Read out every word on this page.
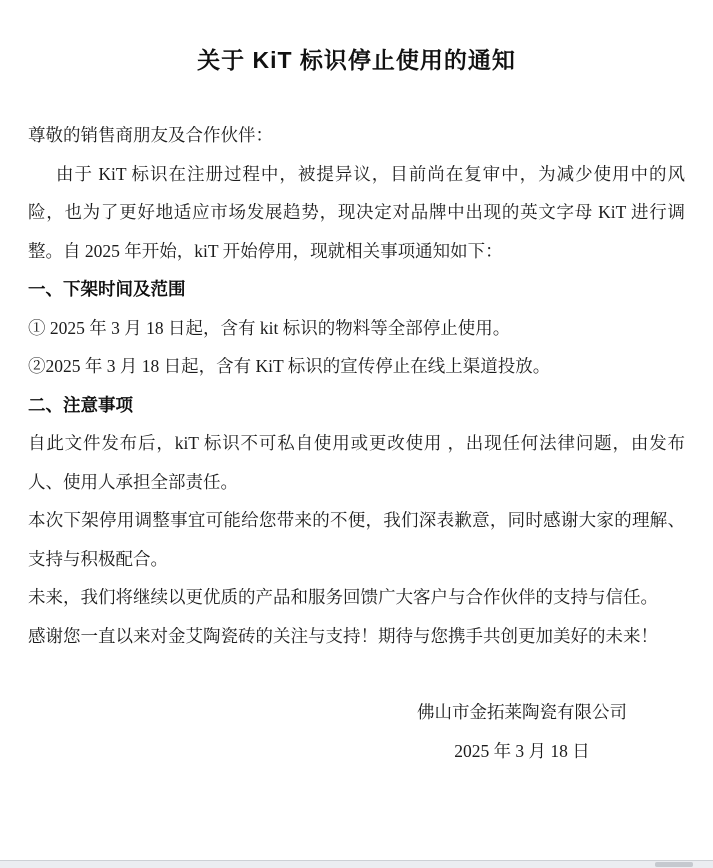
关于 KiT 标识停止使用的通知

尊敬的销售商朋友及合作伙伴：

由于 KiT 标识在注册过程中，被提异议，目前尚在复审中，为减少使用中的风险，也为了更好地适应市场发展趋势，现决定对品牌中出现的英文字母 KiT 进行调整。自 2025 年开始，kiT 开始停用，现就相关事项通知如下：

一、下架时间及范围

① 2025 年 3 月 18 日起，含有 kit 标识的物料等全部停止使用。

②2025 年 3 月 18 日起，含有 KiT 标识的宣传停止在线上渠道投放。

二、注意事项

自此文件发布后，kiT 标识不可私自使用或更改使用 ，出现任何法律问题，由发布人、使用人承担全部责任。

本次下架停用调整事宜可能给您带来的不便，我们深表歉意，同时感谢大家的理解、支持与积极配合。

未来，我们将继续以更优质的产品和服务回馈广大客户与合作伙伴的支持与信任。

感谢您一直以来对金艾陶瓷砖的关注与支持！期待与您携手共创更加美好的未来！

佛山市金拓莱陶瓷有限公司

2025 年 3 月 18 日
